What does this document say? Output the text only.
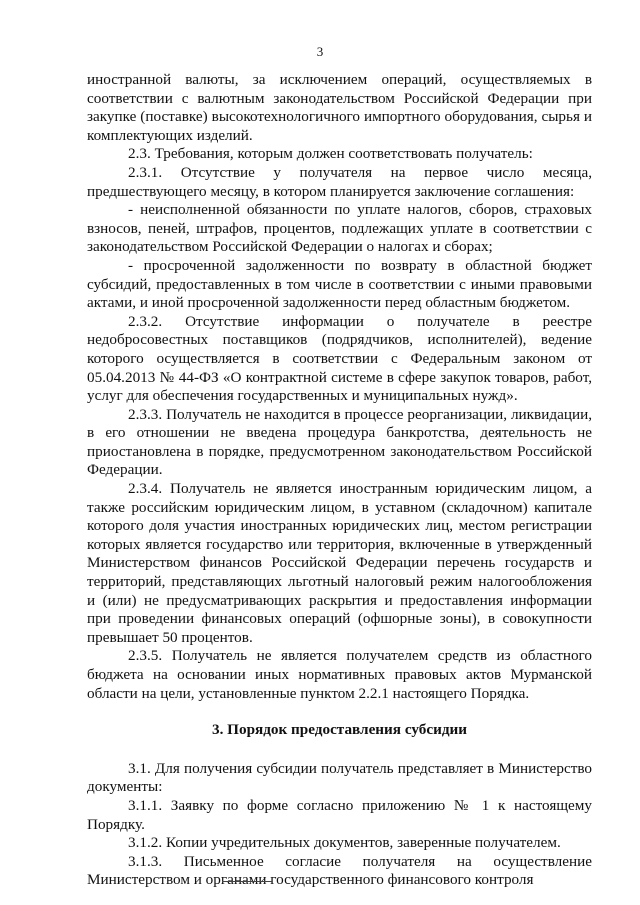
3

иностранной валюты, за исключением операций, осуществляемых в соответствии с валютным законодательством Российской Федерации при закупке (поставке) высокотехнологичного импортного оборудования, сырья и комплектующих изделий.

2.3. Требования, которым должен соответствовать получатель:

2.3.1. Отсутствие у получателя на первое число месяца, предшествующего месяцу, в котором планируется заключение соглашения:

- неисполненной обязанности по уплате налогов, сборов, страховых взносов, пеней, штрафов, процентов, подлежащих уплате в соответствии с законодательством Российской Федерации о налогах и сборах;

- просроченной задолженности по возврату в областной бюджет субсидий, предоставленных в том числе в соответствии с иными правовыми актами, и иной просроченной задолженности перед областным бюджетом.

2.3.2. Отсутствие информации о получателе в реестре недобросовестных поставщиков (подрядчиков, исполнителей), ведение которого осуществляется в соответствии с Федеральным законом от 05.04.2013 № 44-ФЗ «О контрактной системе в сфере закупок товаров, работ, услуг для обеспечения государственных и муниципальных нужд».

2.3.3. Получатель не находится в процессе реорганизации, ликвидации, в его отношении не введена процедура банкротства, деятельность не приостановлена в порядке, предусмотренном законодательством Российской Федерации.

2.3.4. Получатель не является иностранным юридическим лицом, а также российским юридическим лицом, в уставном (складочном) капитале которого доля участия иностранных юридических лиц, местом регистрации которых является государство или территория, включенные в утвержденный Министерством финансов Российской Федерации перечень государств и территорий, представляющих льготный налоговый режим налогообложения и (или) не предусматривающих раскрытия и предоставления информации при проведении финансовых операций (офшорные зоны), в совокупности превышает 50 процентов.

2.3.5. Получатель не является получателем средств из областного бюджета на основании иных нормативных правовых актов Мурманской области на цели, установленные пунктом 2.2.1 настоящего Порядка.

3. Порядок предоставления субсидии

3.1. Для получения субсидии получатель представляет в Министерство документы:

3.1.1. Заявку по форме согласно приложению № 1 к настоящему Порядку.

3.1.2. Копии учредительных документов, заверенные получателем.

3.1.3. Письменное согласие получателя на осуществление Министерством и органами государственного финансового контроля
